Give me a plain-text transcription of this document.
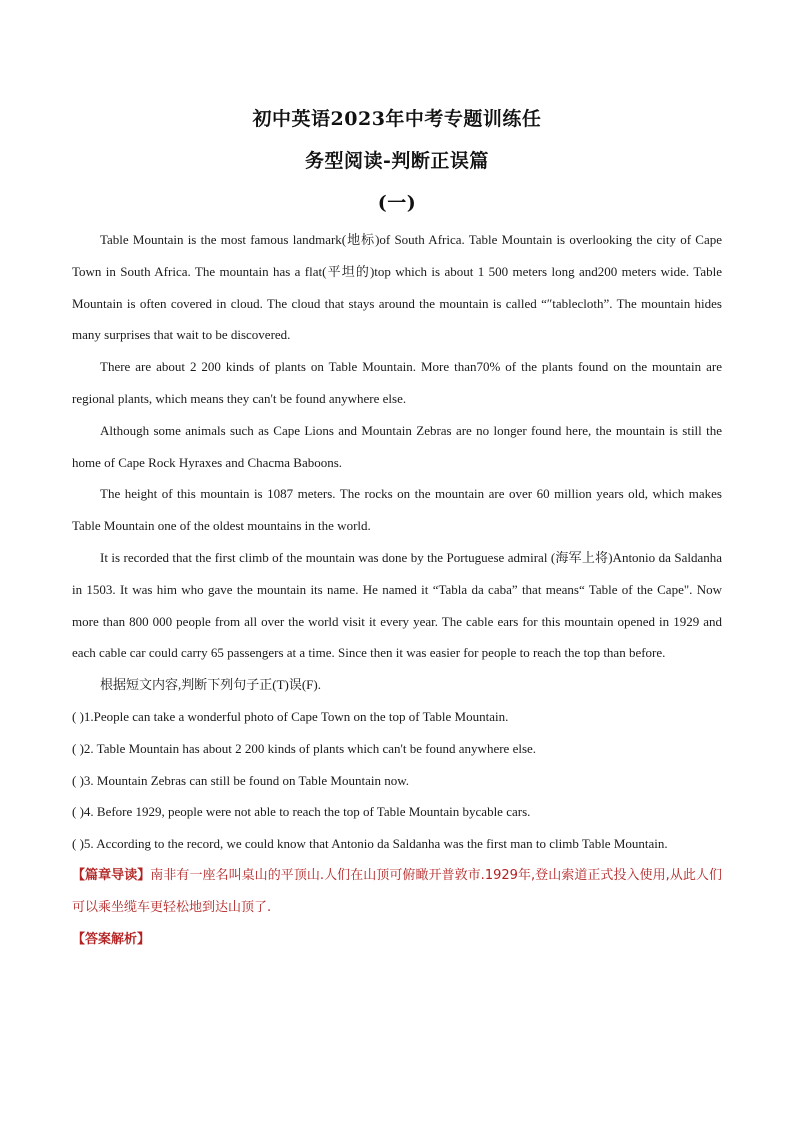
初中英语2023年中考专题训练任
务型阅读-判断正误篇
(一)

Table Mountain is the most famous landmark(地标)of South Africa. Table Mountain is overlooking the city of Cape Town in South Africa. The mountain has a flat(平坦的)top which is about 1 500 meters long and200 meters wide. Table Mountain is often covered in cloud. The cloud that stays around the mountain is called “″tablecloth”. The mountain hides many surprises that wait to be discovered.

There are about 2 200 kinds of plants on Table Mountain. More than70% of the plants found on the mountain are regional plants, which means they can't be found anywhere else.

Although some animals such as Cape Lions and Mountain Zebras are no longer found here, the mountain is still the home of Cape Rock Hyraxes and Chacma Baboons.

The height of this mountain is 1087 meters. The rocks on the mountain are over 60 million years old, which makes Table Mountain one of the oldest mountains in the world.

It is recorded that the first climb of the mountain was done by the Portuguese admiral (海军上将)Antonio da Saldanha in 1503. It was him who gave the mountain its name. He named it “Tabla da caba” that means“ Table of the Cape". Now more than 800 000 people from all over the world visit it every year. The cable ears for this mountain opened in 1929 and each cable car could carry 65 passengers at a time. Since then it was easier for people to reach the top than before.

根据短文内容,判断下列句子正(T)误(F).

( )1.People can take a wonderful photo of Cape Town on the top of Table Mountain.

( )2. Table Mountain has about 2 200 kinds of plants which can't be found anywhere else.

( )3. Mountain Zebras can still be found on Table Mountain now.

( )4. Before 1929, people were not able to reach the top of Table Mountain bycable cars.

( )5. According to the record, we could know that Antonio da Saldanha was the first man to climb Table Mountain.

【篇章导读】南非有一座名叫桌山的平顶山.人们在山顶可俯瞰开普敦市.1929年,登山索道正式投入使用,从此人们可以乘坐缆车更轻松地到达山顶了.

【答案解析】
